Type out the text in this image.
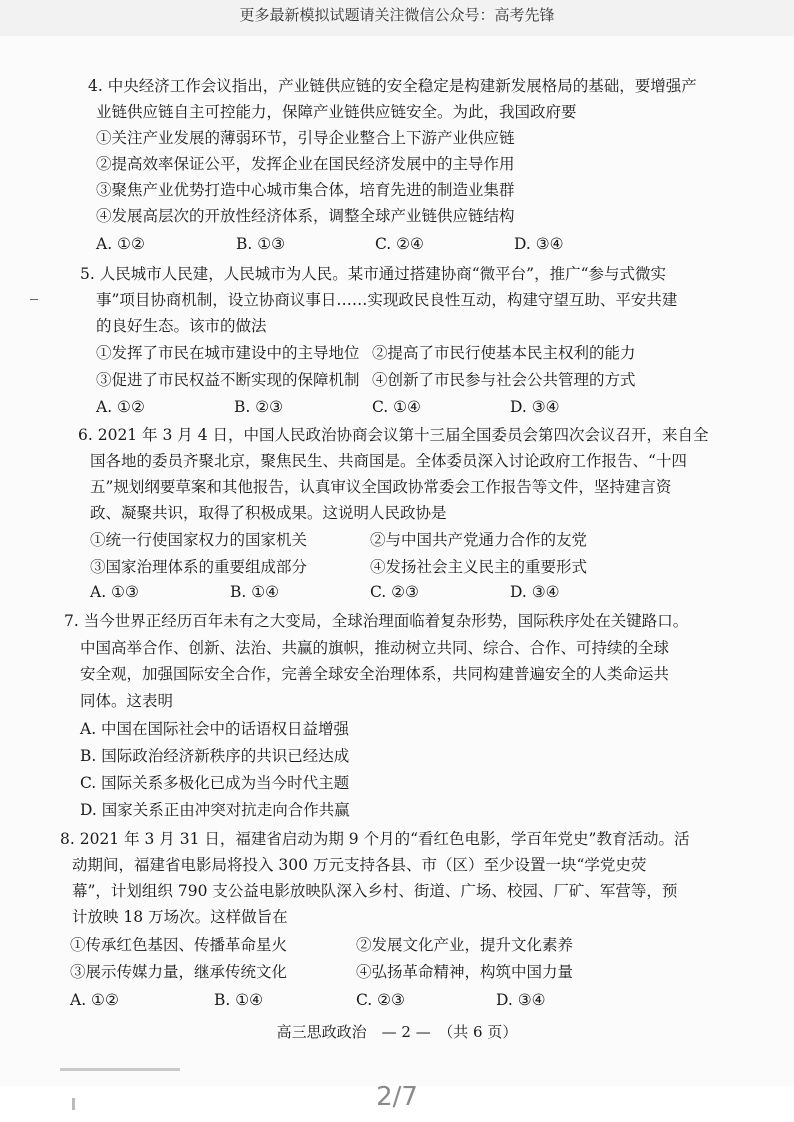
更多最新模拟试题请关注微信公众号：高考先锋
4. 中央经济工作会议指出，产业链供应链的安全稳定是构建新发展格局的基础，要增强产
业链供应链自主可控能力，保障产业链供应链安全。为此，我国政府要
①关注产业发展的薄弱环节，引导企业整合上下游产业供应链
②提高效率保证公平，发挥企业在国民经济发展中的主导作用
③聚焦产业优势打造中心城市集合体，培育先进的制造业集群
④发展高层次的开放性经济体系，调整全球产业链供应链结构
A. ①②	B. ①③	C. ②④	D. ③④
5. 人民城市人民建，人民城市为人民。某市通过搭建协商“微平台”，推广“参与式微实
事”项目协商机制，设立协商议事日……实现政民良性互动，构建守望互助、平安共建
的良好生态。该市的做法
①发挥了市民在城市建设中的主导地位 ②提高了市民行使基本民主权利的能力
③促进了市民权益不断实现的保障机制 ④创新了市民参与社会公共管理的方式
A. ①②	B. ②③	C. ①④	D. ③④
6. 2021 年 3 月 4 日，中国人民政治协商会议第十三届全国委员会第四次会议召开，来自全
国各地的委员齐聚北京，聚焦民生、共商国是。全体委员深入讨论政府工作报告、“十四
五”规划纲要草案和其他报告，认真审议全国政协常委会工作报告等文件，坚持建言资
政、凝聚共识，取得了积极成果。这说明人民政协是
①统一行使国家权力的国家机关	②与中国共产党通力合作的友党
③国家治理体系的重要组成部分	④发扬社会主义民主的重要形式
A. ①③	B. ①④	C. ②③	D. ③④
7. 当今世界正经历百年未有之大变局，全球治理面临着复杂形势，国际秩序处在关键路口。
中国高举合作、创新、法治、共赢的旗帜，推动树立共同、综合、合作、可持续的全球
安全观，加强国际安全合作，完善全球安全治理体系，共同构建普遍安全的人类命运共
同体。这表明
A. 中国在国际社会中的话语权日益增强
B. 国际政治经济新秩序的共识已经达成
C. 国际关系多极化已成为当今时代主题
D. 国家关系正由冲突对抗走向合作共赢
8. 2021 年 3 月 31 日，福建省启动为期 9 个月的“看红色电影，学百年党史”教育活动。活
动期间，福建省电影局将投入 300 万元支持各县、市（区）至少设置一块“学党史荧
幕”，计划组织 790 支公益电影放映队深入乡村、街道、广场、校园、厂矿、军营等，预
计放映 18 万场次。这样做旨在
①传承红色基因、传播革命星火	②发展文化产业，提升文化素养
③展示传媒力量，继承传统文化	④弘扬革命精神，构筑中国力量
A. ①②	B. ①④	C. ②③	D. ③④
高三思政政治　— 2 —　（共 6 页）
2/7
